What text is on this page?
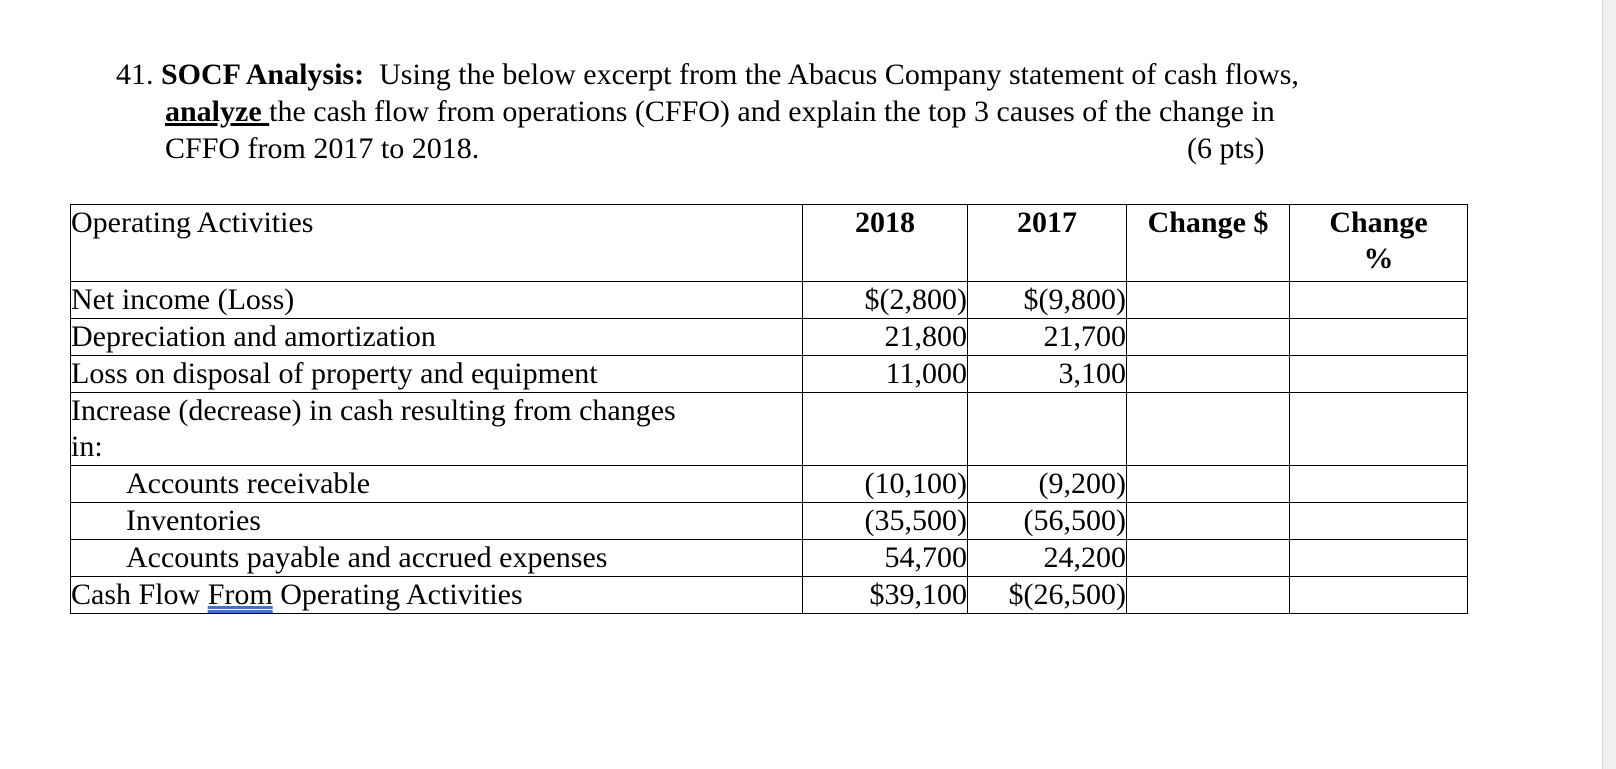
41. SOCF Analysis:  Using the below excerpt from the Abacus Company statement of cash flows,
analyze the cash flow from operations (CFFO) and explain the top 3 causes of the change in
CFFO from 2017 to 2018.	(6 pts)
Operating Activities	2018	2017	Change $	Change
%
Net income (Loss)	$(2,800)	$(9,800)		
Depreciation and amortization	21,800	21,700		
Loss on disposal of property and equipment	11,000	3,100		
Increase (decrease) in cash resulting from changes
in:				
Accounts receivable	(10,100)	(9,200)		
Inventories	(35,500)	(56,500)		
Accounts payable and accrued expenses	54,700	24,200		
Cash Flow From Operating Activities	$39,100	$(26,500)		
